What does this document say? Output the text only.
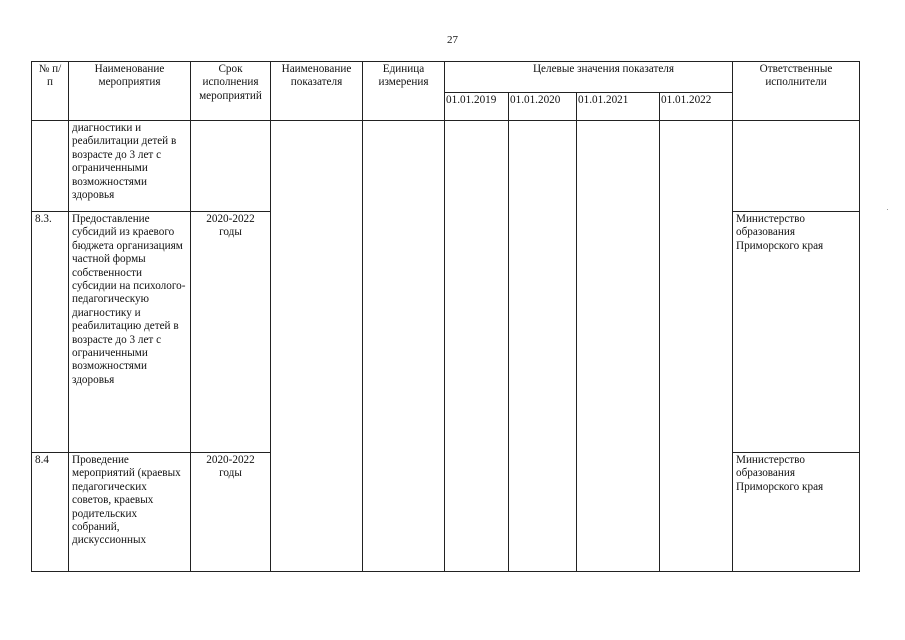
27
№ п/ п	Наименование мероприятия	Срок исполнения мероприятий	Наименование показателя	Единица измерения	Целевые значения показателя				Ответственные исполнители
					01.01.2019	01.01.2020	01.01.2021	01.01.2022	
	диагностики и реабилитации детей в возрасте до 3 лет с ограниченными возможностями здоровья								
8.3.	Предоставление субсидий из краевого бюджета организациям частной формы собственности субсидии на психолого-педагогическую диагностику и реабилитацию детей в возрасте до 3 лет с ограниченными возможностями здоровья	2020-2022 годы							Министерство образования Приморского края
8.4	Проведение мероприятий (краевых педагогических советов, краевых родительских собраний, дискуссионных	2020-2022 годы							Министерство образования Приморского края
